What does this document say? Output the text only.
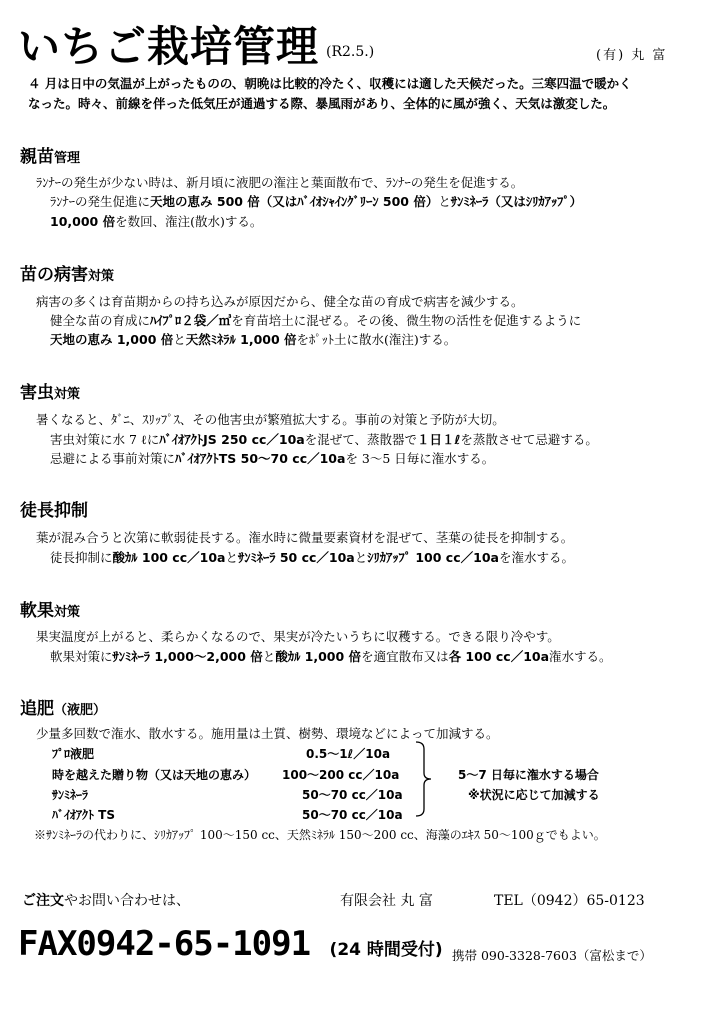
いちご栽培管理 (R2.5.)	(有) 丸 富
４ 月は日中の気温が上がったものの、朝晩は比較的冷たく、収穫には適した天候だった。三寒四温で暖かく
なった。時々、前線を伴った低気圧が通過する際、暴風雨があり、全体的に風が強く、天気は激変した。
親苗管理
ﾗﾝﾅｰの発生が少ない時は、新月頃に液肥の潅注と葉面散布で、ﾗﾝﾅｰの発生を促進する。
ﾗﾝﾅｰの発生促進に天地の恵み 500 倍（又はﾊﾞｲｵｼｬｲﾝｸﾞﾘｰﾝ 500 倍）とｻﾝﾐﾈｰﾗ（又はｼﾘｶｱｯﾌﾟ）
10,000 倍を数回、潅注(散水)する。
苗の病害対策
病害の多くは育苗期からの持ち込みが原因だから、健全な苗の育成で病害を減少する。
健全な苗の育成にﾊｲﾌﾟﾛ２袋／㎥を育苗培土に混ぜる。その後、微生物の活性を促進するように
天地の恵み 1,000 倍と天然ﾐﾈﾗﾙ 1,000 倍をﾎﾟｯﾄ土に散水(潅注)する。
害虫対策
暑くなると、ﾀﾞﾆ、ｽﾘｯﾌﾟｽ、その他害虫が繁殖拡大する。事前の対策と予防が大切。
害虫対策に水 7 ℓにﾊﾞｲｵｱｸﾄJS 250 cc／10aを混ぜて、蒸散器で１日１ℓを蒸散させて忌避する。
忌避による事前対策にﾊﾞｲｵｱｸﾄTS 50～70 cc／10aを 3～5 日毎に潅水する。
徒長抑制
葉が混み合うと次第に軟弱徒長する。潅水時に微量要素資材を混ぜて、茎葉の徒長を抑制する。
徒長抑制に酸ｶﾙ 100 cc／10aとｻﾝﾐﾈｰﾗ 50 cc／10aとｼﾘｶｱｯﾌﾟ 100 cc／10aを潅水する。
軟果対策
果実温度が上がると、柔らかくなるので、果実が冷たいうちに収穫する。できる限り冷やす。
軟果対策にｻﾝﾐﾈｰﾗ 1,000～2,000 倍と酸ｶﾙ 1,000 倍を適宜散布又は各 100 cc／10a潅水する。
追肥（液肥）
少量多回数で潅水、散水する。施用量は土質、樹勢、環境などによって加減する。
ﾌﾟﾛ液肥	0.5～1ℓ／10a
時を越えた贈り物（又は天地の恵み） 100～200 cc／10a
ｻﾝﾐﾈｰﾗ	50～70 cc／10a
ﾊﾞｲｵｱｸﾄ TS	50～70 cc／10a
5～7 日毎に潅水する場合
※状況に応じて加減する
※ｻﾝﾐﾈｰﾗの代わりに、ｼﾘｶｱｯﾌﾟ 100～150 cc、天然ﾐﾈﾗﾙ 150～200 cc、海藻のｴｷｽ 50～100ｇでもよい。
ご注文やお問い合わせは、	有限会社 丸 富	TEL（0942）65-0123
FAX0942-65-1091 (24 時間受付) 携帯 090-3328-7603（富松まで）
